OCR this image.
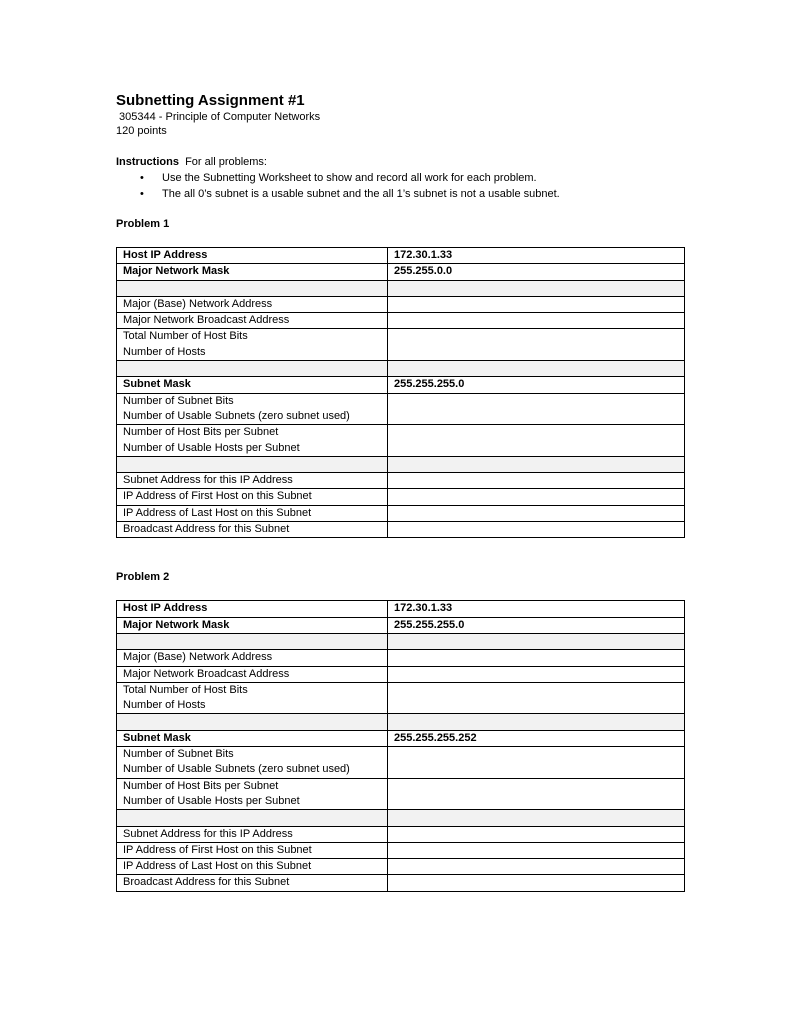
Subnetting Assignment #1
305344 - Principle of Computer Networks
120 points
Instructions For all problems:
• Use the Subnetting Worksheet to show and record all work for each problem.
• The all 0’s subnet is a usable subnet and the all 1’s subnet is not a usable subnet.
Problem 1
Host IP Address	172.30.1.33
Major Network Mask	255.255.0.0

Major (Base) Network Address	
Major Network Broadcast Address	

Total Number of Host Bits
Number of Hosts	

Subnet Mask	255.255.255.0

Number of Subnet Bits
Number of Usable Subnets (zero subnet used)	

Number of Host Bits per Subnet
Number of Usable Hosts per Subnet	

Subnet Address for this IP Address	
IP Address of First Host on this Subnet	
IP Address of Last Host on this Subnet	
Broadcast Address for this Subnet	
Problem 2
Host IP Address	172.30.1.33
Major Network Mask	255.255.255.0

Major (Base) Network Address	
Major Network Broadcast Address	

Total Number of Host Bits
Number of Hosts	

Subnet Mask	255.255.255.252

Number of Subnet Bits
Number of Usable Subnets (zero subnet used)	

Number of Host Bits per Subnet
Number of Usable Hosts per Subnet	

Subnet Address for this IP Address	
IP Address of First Host on this Subnet	
IP Address of Last Host on this Subnet	
Broadcast Address for this Subnet	
